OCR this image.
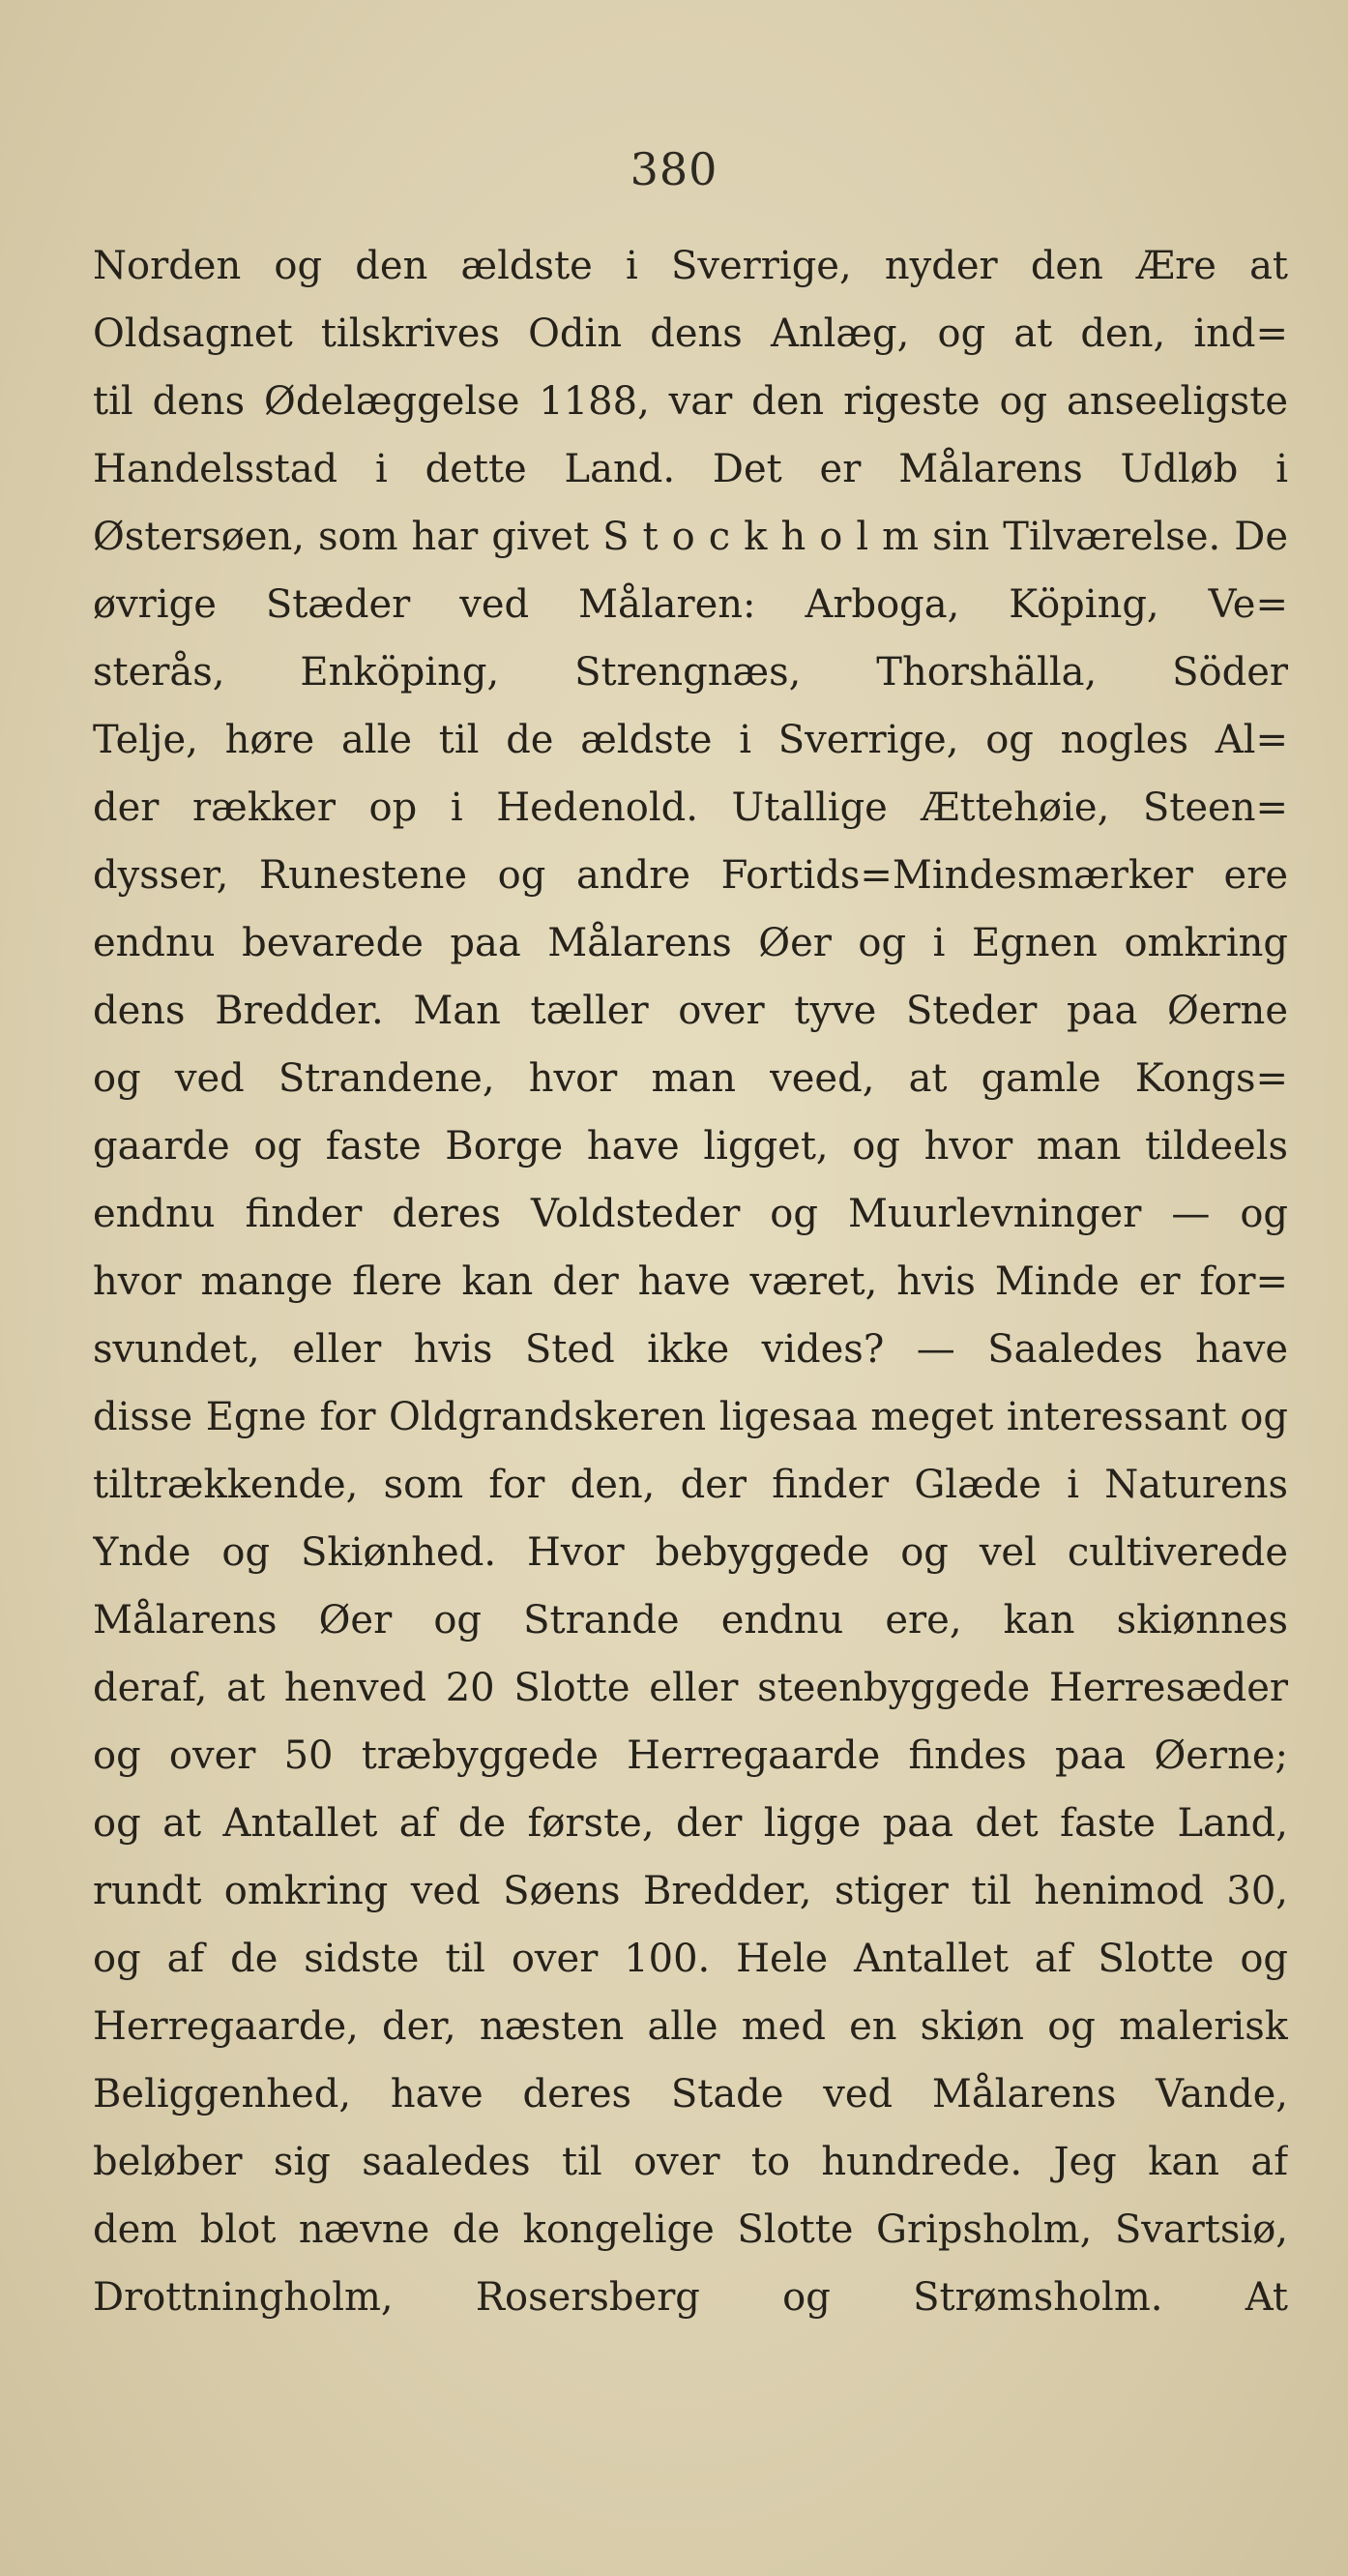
380
Norden og den ældste i Sverrige, nyder den Ære at
Oldsagnet tilskrives Odin dens Anlæg, og at den, ind=
til dens Ødelæggelse 1188, var den rigeste og anseeligste
Handelsstad i dette Land. Det er Målarens Udløb i
Østersøen, som har givet S t o c k h o l m sin Tilværelse. De
øvrige Stæder ved Målaren: Arboga, Köping, Ve=
sterås, Enköping, Strengnæs, Thorshälla, Söder
Telje, høre alle til de ældste i Sverrige, og nogles Al=
der rækker op i Hedenold. Utallige Ættehøie, Steen=
dysser, Runestene og andre Fortids=Mindesmærker ere
endnu bevarede paa Målarens Øer og i Egnen omkring
dens Bredder. Man tæller over tyve Steder paa Øerne
og ved Strandene, hvor man veed, at gamle Kongs=
gaarde og faste Borge have ligget, og hvor man tildeels
endnu finder deres Voldsteder og Muurlevninger — og
hvor mange flere kan der have været, hvis Minde er for=
svundet, eller hvis Sted ikke vides? — Saaledes have
disse Egne for Oldgrandskeren ligesaa meget interessant og
tiltrækkende, som for den, der finder Glæde i Naturens
Ynde og Skiønhed. Hvor bebyggede og vel cultiverede
Målarens Øer og Strande endnu ere, kan skiønnes
deraf, at henved 20 Slotte eller steenbyggede Herresæder
og over 50 træbyggede Herregaarde findes paa Øerne;
og at Antallet af de første, der ligge paa det faste Land,
rundt omkring ved Søens Bredder, stiger til henimod 30,
og af de sidste til over 100. Hele Antallet af Slotte og
Herregaarde, der, næsten alle med en skiøn og malerisk
Beliggenhed, have deres Stade ved Målarens Vande,
beløber sig saaledes til over to hundrede. Jeg kan af
dem blot nævne de kongelige Slotte Gripsholm, Svartsiø,
Drottningholm, Rosersberg og Strømsholm. At
